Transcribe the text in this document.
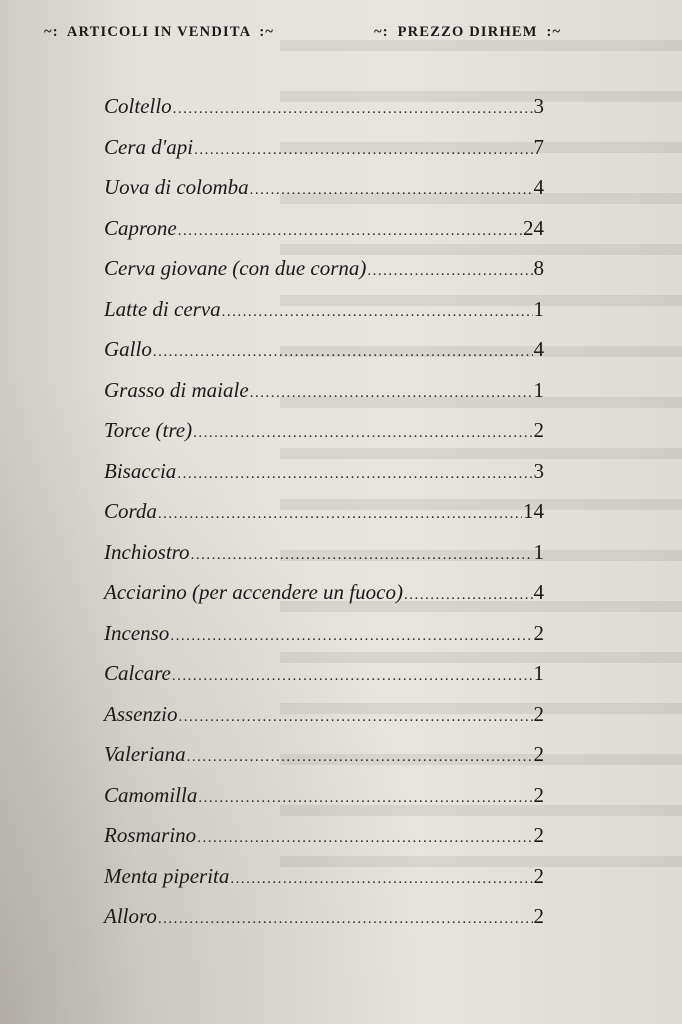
~: ARTICOLI IN VENDITA :~	~: PREZZO DIRHEM :~
Coltello .....	3
Cera d'api .....	7
Uova di colomba .....	4
Caprone .....	24
Cerva giovane (con due corna) .....	8
Latte di cerva .....	1
Gallo .....	4
Grasso di maiale .....	1
Torce (tre) .....	2
Bisaccia .....	3
Corda .....	14
Inchiostro .....	1
Acciarino (per accendere un fuoco) .....	4
Incenso .....	2
Calcare .....	1
Assenzio .....	2
Valeriana .....	2
Camomilla .....	2
Rosmarino .....	2
Menta piperita .....	2
Alloro .....	2
